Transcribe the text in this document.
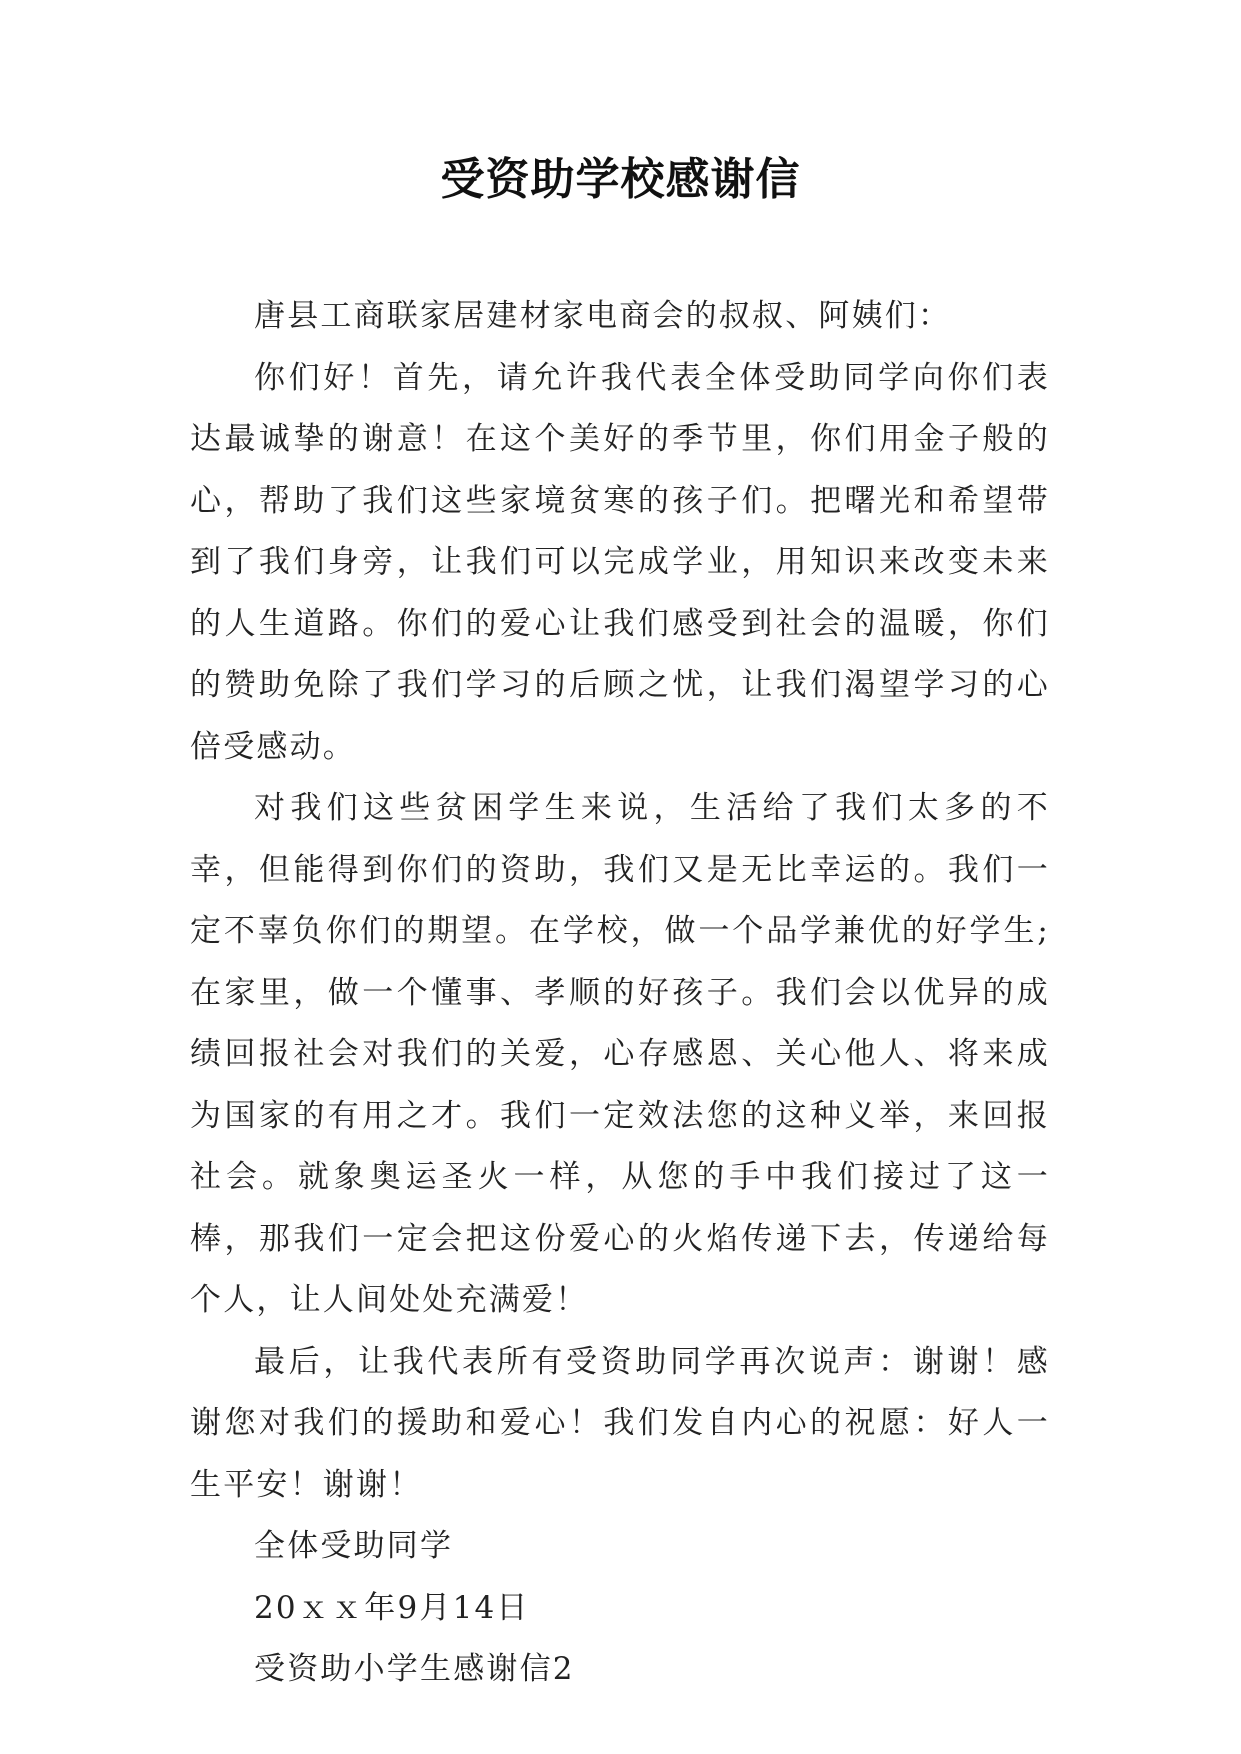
受资助学校感谢信

唐县工商联家居建材家电商会的叔叔、阿姨们：

你们好！首先，请允许我代表全体受助同学向你们表达最诚挚的谢意！在这个美好的季节里，你们用金子般的心，帮助了我们这些家境贫寒的孩子们。把曙光和希望带到了我们身旁，让我们可以完成学业，用知识来改变未来的人生道路。你们的爱心让我们感受到社会的温暖，你们的赞助免除了我们学习的后顾之忧，让我们渴望学习的心倍受感动。

对我们这些贫困学生来说，生活给了我们太多的不幸，但能得到你们的资助，我们又是无比幸运的。我们一定不辜负你们的期望。在学校，做一个品学兼优的好学生;在家里，做一个懂事、孝顺的好孩子。我们会以优异的成绩回报社会对我们的关爱，心存感恩、关心他人、将来成为国家的有用之才。我们一定效法您的这种义举，来回报社会。就象奥运圣火一样，从您的手中我们接过了这一棒，那我们一定会把这份爱心的火焰传递下去，传递给每个人，让人间处处充满爱！

最后，让我代表所有受资助同学再次说声：谢谢！感谢您对我们的援助和爱心！我们发自内心的祝愿：好人一生平安！谢谢！

全体受助同学

20ｘｘ年9月14日

受资助小学生感谢信2
